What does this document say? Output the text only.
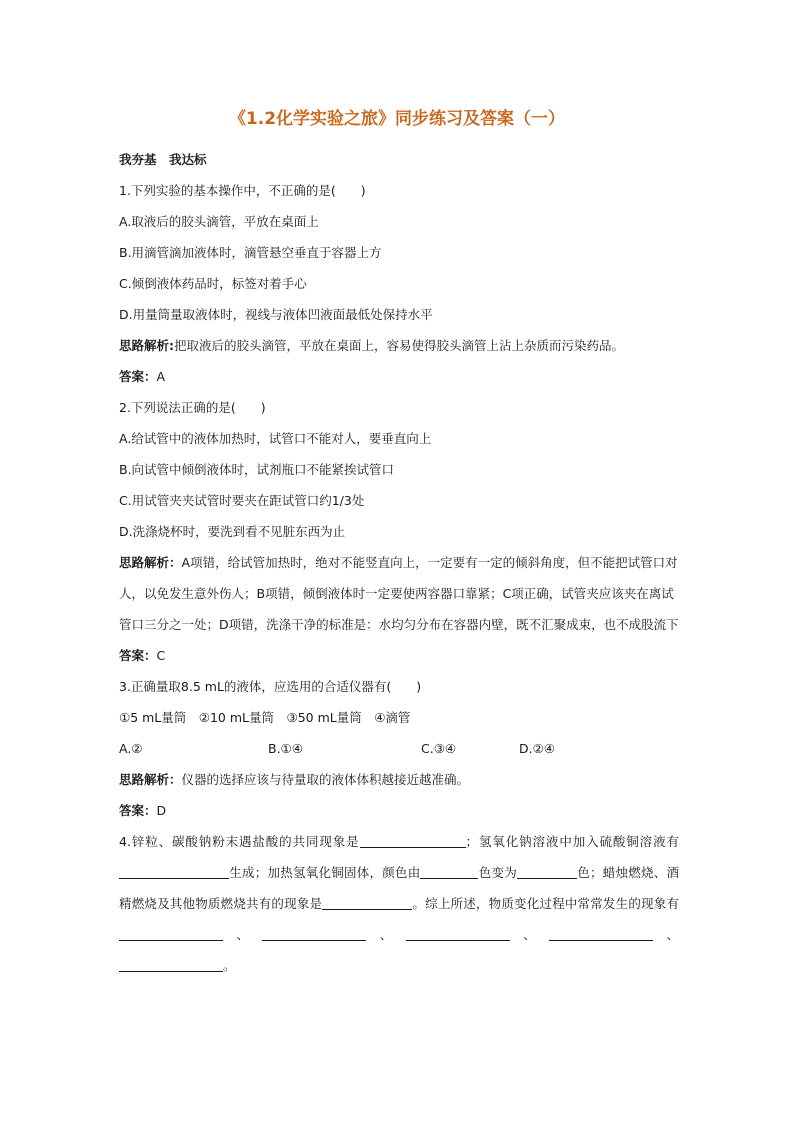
《1.2化学实验之旅》同步练习及答案（一）
我夯基　我达标
1.下列实验的基本操作中，不正确的是(　　)
A.取液后的胶头滴管，平放在桌面上
B.用滴管滴加液体时，滴管悬空垂直于容器上方
C.倾倒液体药品时，标签对着手心
D.用量筒量取液体时，视线与液体凹液面最低处保持水平
思路解析:把取液后的胶头滴管，平放在桌面上，容易使得胶头滴管上沾上杂质而污染药品。
答案：A
2.下列说法正确的是(　　)
A.给试管中的液体加热时，试管口不能对人，要垂直向上
B.向试管中倾倒液体时，试剂瓶口不能紧挨试管口
C.用试管夹夹试管时要夹在距试管口约1/3处
D.洗涤烧杯时，要洗到看不见脏东西为止
思路解析：A项错，给试管加热时，绝对不能竖直向上，一定要有一定的倾斜角度，但不能把试管口对人，以免发生意外伤人；B项错，倾倒液体时一定要使两容器口靠紧；C项正确，试管夹应该夹在离试管口三分之一处；D项错，洗涤干净的标准是：水均匀分布在容器内壁，既不汇聚成束，也不成股流下
答案：C
3.正确量取8.5 mL的液体，应选用的合适仪器有(　　)
①5 mL量筒　②10 mL量筒　③50 mL量筒　④滴管
A.②	B.①④	C.③④	D.②④
思路解析：仪器的选择应该与待量取的液体体积越接近越准确。
答案：D
4.锌粒、碳酸钠粉末遇盐酸的共同现象是	；氢氧化钠溶液中加入硫酸铜溶液有生成；加热氢氧化铜固体，颜色由	色变为	色；蜡烛燃烧、酒精燃烧及其他物质燃烧共有的现象是	。综上所述，物质变化过程中常常发生的现象有、	、	、	、。
